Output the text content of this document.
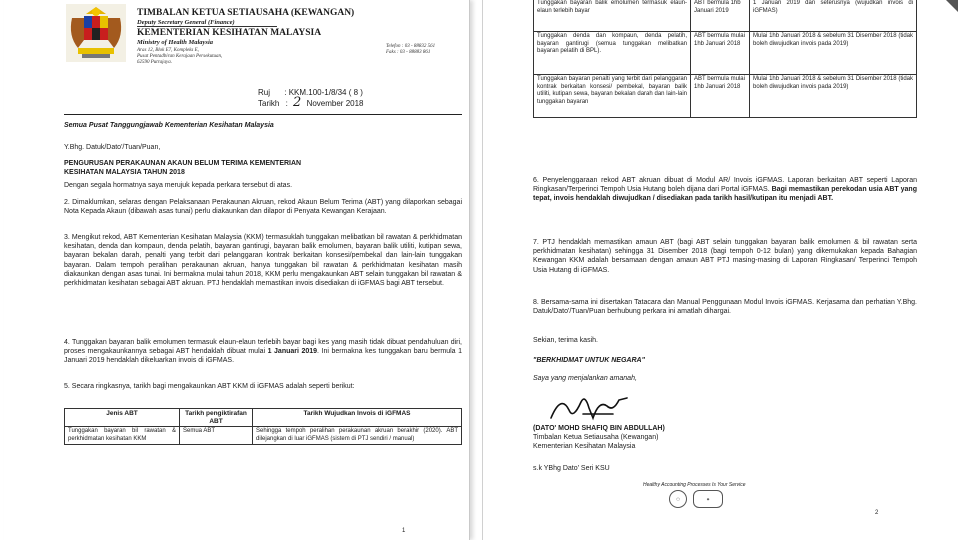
TIMBALAN KETUA SETIAUSAHA (KEWANGAN)
Deputy Secretary General (Finance)
KEMENTERIAN KESIHATAN MALAYSIA
Ministry of Health Malaysia
Aras 12, Blok E7, Kompleks E,
Pusat Pentadbiran Kerajaan Persekutuan,
62590 Putrajaya.
Telefon : 03 - 88832 561
Faks : 03 - 88883 861
Ruj : KKM.100-1/8/34 ( 8 )
Tarikh : 2 November 2018
Semua Pusat Tanggungjawab Kementerian Kesihatan Malaysia
Y.Bhg. Datuk/Dato'/Tuan/Puan,
PENGURUSAN PERAKAUNAN AKAUN BELUM TERIMA KEMENTERIAN
KESIHATAN MALAYSIA TAHUN 2018
Dengan segala hormatnya saya merujuk kepada perkara tersebut di atas.
2. Dimaklumkan, selaras dengan Pelaksanaan Perakaunan Akruan, rekod Akaun Belum Terima (ABT) yang dilaporkan sebagai Nota Kepada Akaun (dibawah asas tunai) perlu diakaunkan dan dilapor di Penyata Kewangan Kerajaan.
3. Mengikut rekod, ABT Kementerian Kesihatan Malaysia (KKM) termasuklah tunggakan melibatkan bil rawatan & perkhidmatan kesihatan, denda dan kompaun, denda pelatih, bayaran gantirugi, bayaran balik emolumen, bayaran balik utiliti, kutipan sewa, bayaran bekalan darah, penalti yang terbit dari pelanggaran kontrak berkaitan konsesi/pembekal dan lain-lain tunggakan bayaran. Dalam tempoh peralihan perakaunan akruan, hanya tunggakan bil rawatan & perkhidmatan kesihatan masih diakaunkan dengan asas tunai. Ini bermakna mulai tahun 2018, KKM perlu mengakaunkan ABT selain tunggakan bil rawatan & perkhidmatan kesihatan sebagai ABT akruan. PTJ hendaklah memastikan invois disediakan di iGFMAS bagi ABT tersebut.
4. Tunggakan bayaran balik emolumen termasuk elaun-elaun terlebih bayar bagi kes yang masih tidak dibuat pendahuluan diri, proses mengakaunkannya sebagai ABT hendaklah dibuat mulai 1 Januari 2019. Ini bermakna kes tunggakan baru bermula 1 Januari 2019 hendaklah dikeluarkan invois di iGFMAS.
5. Secara ringkasnya, tarikh bagi mengakaunkan ABT KKM di iGFMAS adalah seperti berikut:
Jenis ABT	Tarikh pengiktirafan ABT	Tarikh Wujudkan Invois di iGFMAS
Tunggakan bayaran bil rawatan & perkhidmatan kesihatan KKM	Semua ABT	Sehingga tempoh peralihan perakaunan akruan berakhir (2020). ABT dilejangkan di luar iGFMAS (sistem di PTJ sendiri / manual)
1
Tunggakan bayaran balik emolumen termasuk elaun-elaun terlebih bayar	ABT bermula 1hb Januari 2019	1 Januari 2019 dan seterusnya (wujudkan invois di iGFMAS)
Tunggakan denda dan kompaun, denda pelatih, bayaran gantirugi (semua tunggakan melibatkan bayaran pelatih di BPL).	ABT bermula mulai 1hb Januari 2018	Mulai 1hb Januari 2018 & sebelum 31 Disember 2018 (tidak boleh diwujudkan invois pada 2019)
Tunggakan bayaran penalti yang terbit dari pelanggaran kontrak berkaitan konsesi/ pembekal, bayaran balik utiliti, kutipan sewa, bayaran bekalan darah dan lain-lain tunggakan bayaran	ABT bermula mulai 1hb Januari 2018	Mulai 1hb Januari 2018 & sebelum 31 Disember 2018 (tidak boleh diwujudkan invois pada 2019)
6. Penyelenggaraan rekod ABT akruan dibuat di Modul AR/ Invois iGFMAS. Laporan berkaitan ABT seperti Laporan Ringkasan/Terperinci Tempoh Usia Hutang boleh dijana dari Portal iGFMAS. Bagi memastikan perekodan usia ABT yang tepat, invois hendaklah diwujudkan / disediakan pada tarikh hasil/kutipan itu menjadi ABT.
7. PTJ hendaklah memastikan amaun ABT (bagi ABT selain tunggakan bayaran balik emolumen & bil rawatan serta perkhidmatan kesihatan) sehingga 31 Disember 2018 (bagi tempoh 0-12 bulan) yang dikemukakan kepada Bahagian Kewangan KKM adalah bersamaan dengan amaun ABT PTJ masing-masing di Laporan Ringkasan/ Terperinci Tempoh Usia Hutang di iGFMAS.
8. Bersama-sama ini disertakan Tatacara dan Manual Penggunaan Modul Invois iGFMAS. Kerjasama dan perhatian Y.Bhg. Datuk/Dato'/Tuan/Puan berhubung perkara ini amatlah dihargai.
Sekian, terima kasih.
"BERKHIDMAT UNTUK NEGARA"
Saya yang menjalankan amanah,
(DATO' MOHD SHAFIQ BIN ABDULLAH)
Timbalan Ketua Setiausaha (Kewangan)
Kementerian Kesihatan Malaysia
s.k YBhg Dato' Seri KSU
Healthy Accounting Processes Is Your Service
◯	◉
2
